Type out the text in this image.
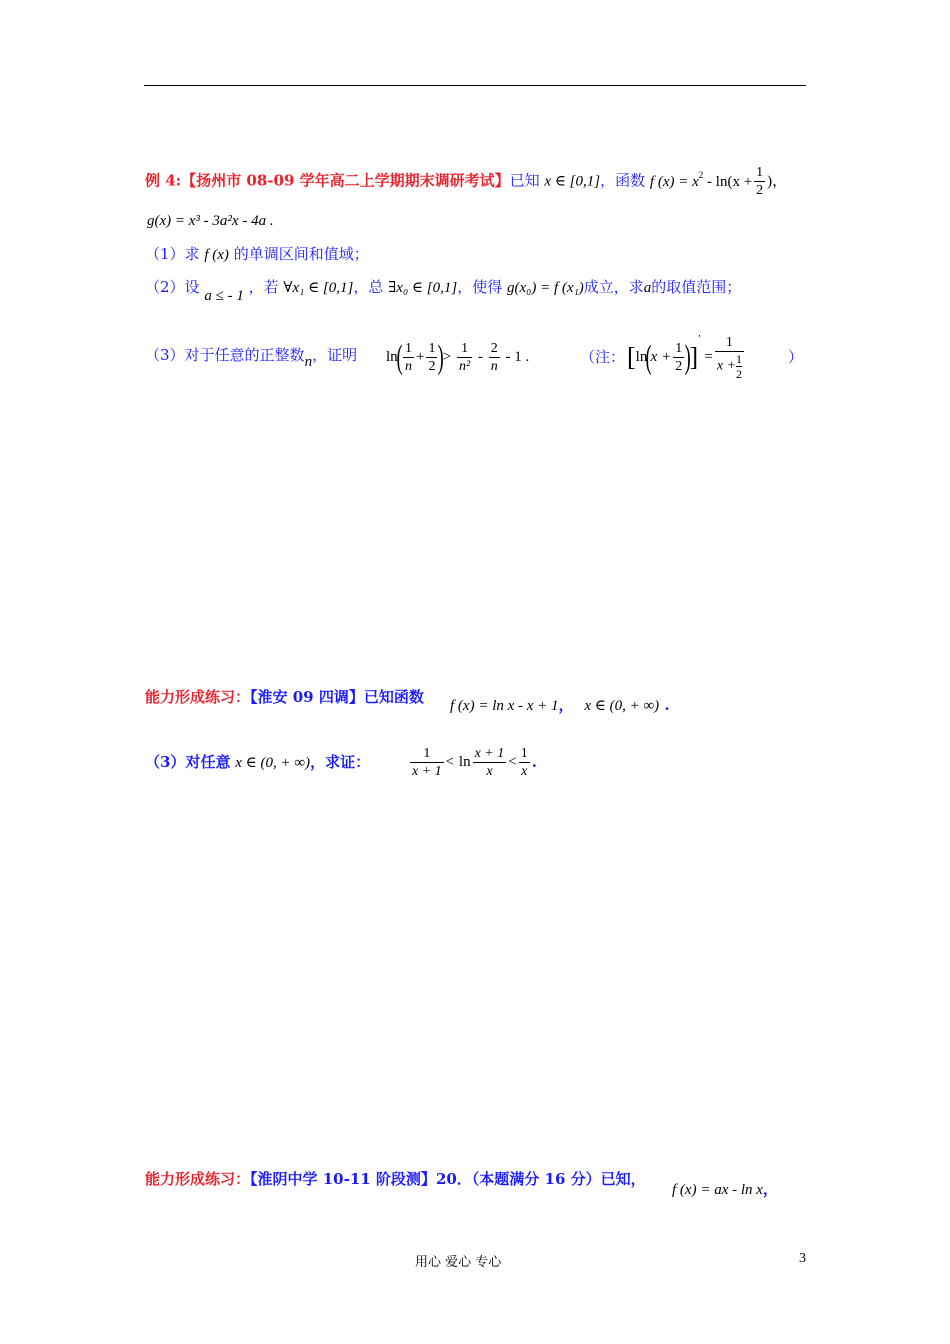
例 4:【扬州市 08-09 学年高二上学期期末调研考试】已知 x ∈ [0,1]，函数 f $(x) = x^2 - \ln(x + \frac{1}{2}$ )，
g(x) = x³ - 3a²x - 4a .
（1）求 f (x) 的单调区间和值域；
（2）设 a ≤ - 1 ，若 ∀x₁ ∈ [0,1]，总 ∃x₀ ∈ [0,1]，使得 g(x₀) = f (x₁)成立，求a的取值范围；
（3）对于任意的正整数n，证明 $\ln( \frac{1}{n} + \frac{1}{2}$ )> $\frac{1}{\text{n²}} - \frac{2}{n} - 1$ .	（注： $[\ln(x + \frac{1}{2} )]' = \frac{1}{x + \frac{1}{2}}$	）
能力形成练习：【淮安 09 四调】已知函数 f (x) = ln x - x + 1， x ∈ (0, + ∞) .
（3）对任意 x ∈ (0, + ∞)，求证：	$\frac{1}{x + 1} < \ln \frac{x + 1}{x} < \frac{1}{x}$ .
能力形成练习：【淮阴中学 10-11 阶段测】20．（本题满分 16 分）已知，
f (x) = ax - ln x，
用心 爱心 专心	3
